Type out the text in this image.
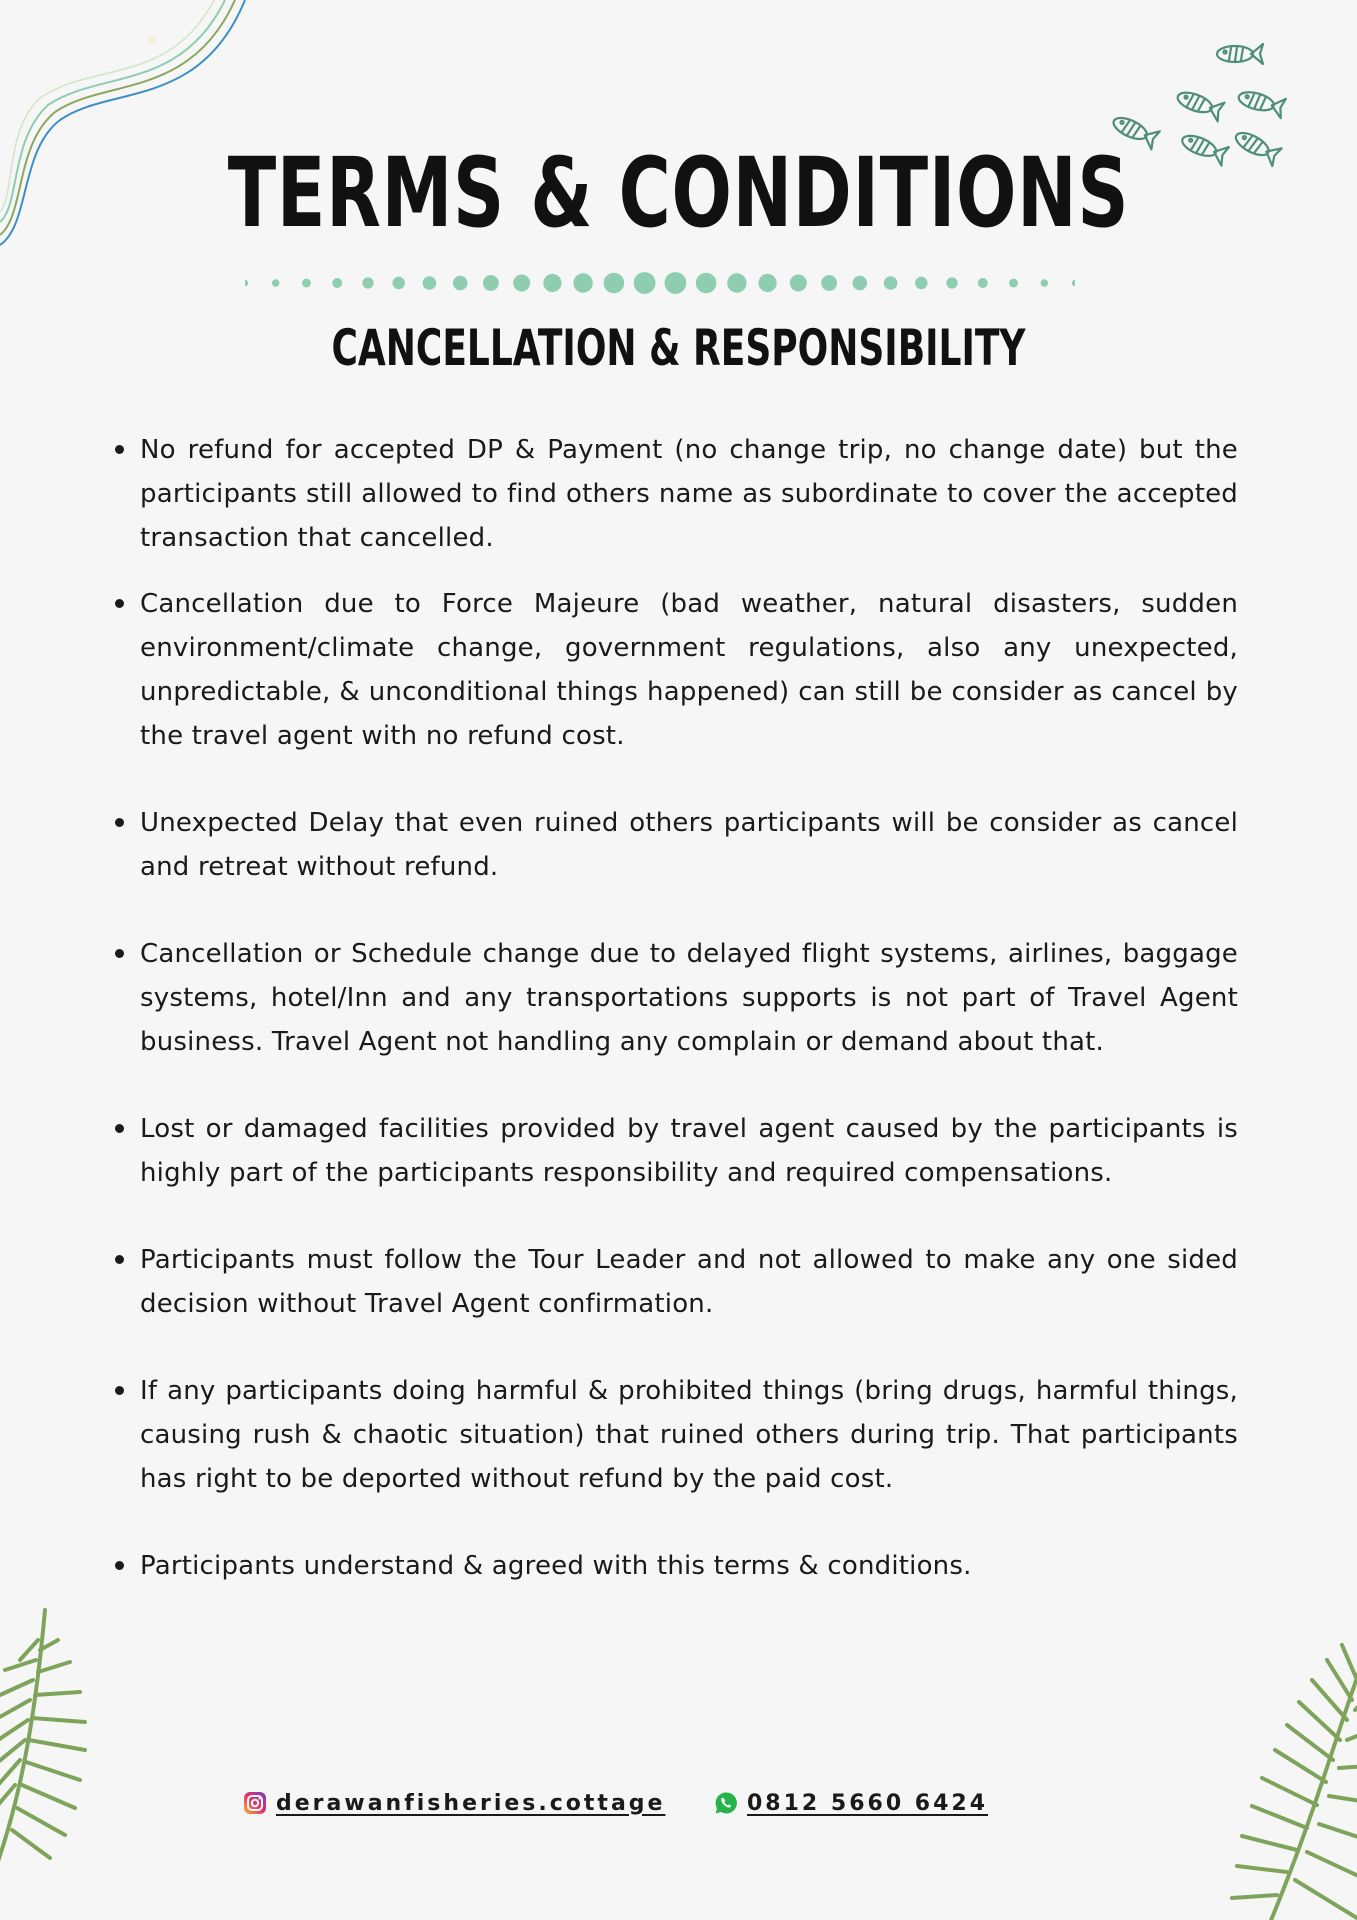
TERMS & CONDITIONS
CANCELLATION & RESPONSIBILITY
No refund for accepted DP & Payment (no change trip, no change date) but the participants still allowed to find others name as subordinate to cover the accepted transaction that cancelled.
Cancellation due to Force Majeure (bad weather, natural disasters, sudden environment/climate change, government regulations, also any unexpected, unpredictable, & unconditional things happened) can still be consider as cancel by the travel agent with no refund cost.
Unexpected Delay that even ruined others participants will be consider as cancel and retreat without refund.
Cancellation or Schedule change due to delayed flight systems, airlines, baggage systems, hotel/Inn and any transportations supports is not part of Travel Agent business. Travel Agent not handling any complain or demand about that.
Lost or damaged facilities provided by travel agent caused by the participants is highly part of the participants responsibility and required compensations.
Participants must follow the Tour Leader and not allowed to make any one sided decision without Travel Agent confirmation.
If any participants doing harmful & prohibited things (bring drugs, harmful things, causing rush & chaotic situation) that ruined others during trip. That participants has right to be deported without refund by the paid cost.
Participants understand & agreed with this terms & conditions.
derawanfisheries.cottage	0812 5660 6424
